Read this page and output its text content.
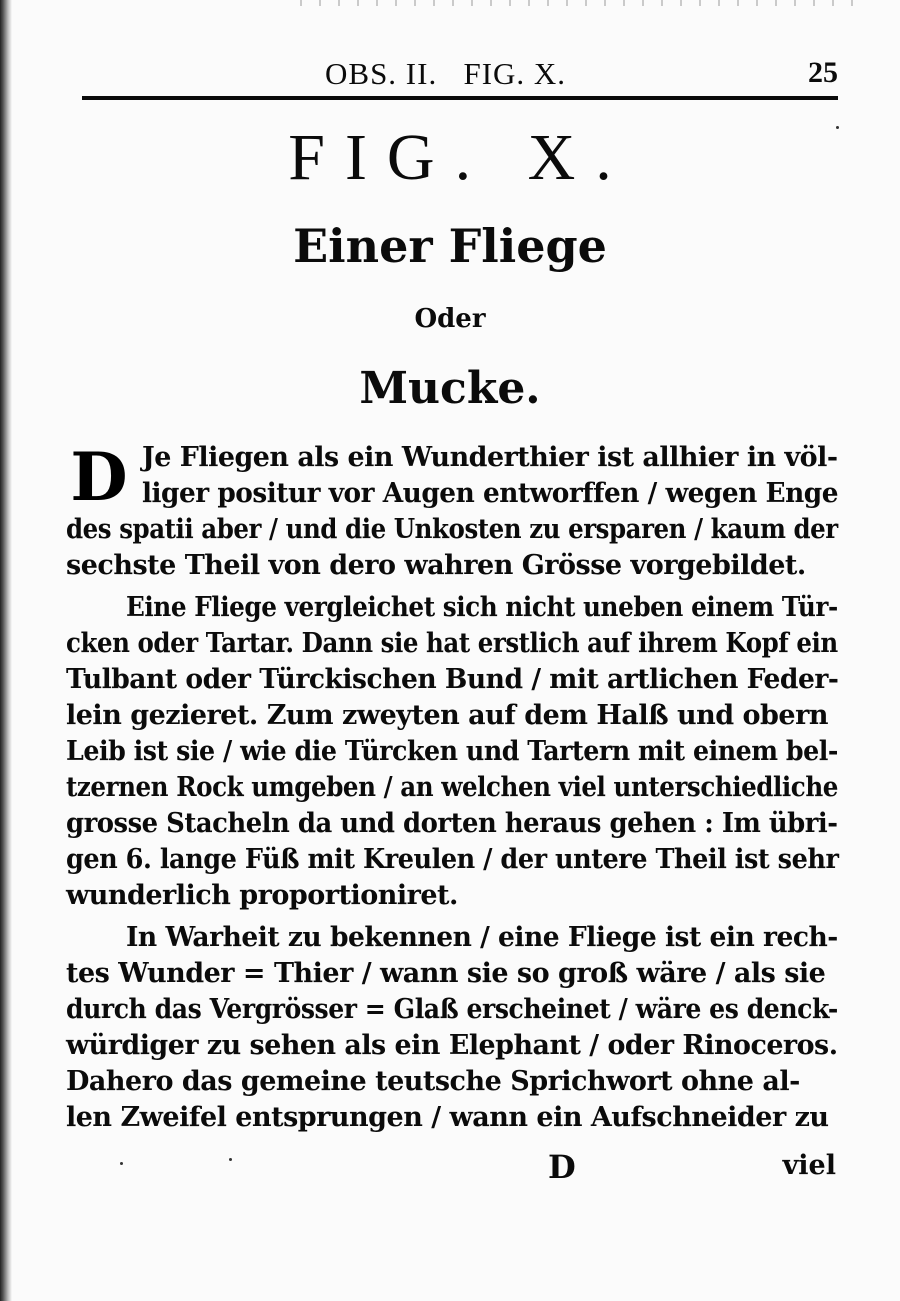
OBS. II.   FIG. X.	25
FIG. X.
Einer Fliege
Oder
Mucke.
D Je Fliegen als ein Wunderthier ist allhier in völ-
liger positur vor Augen entworffen / wegen Enge
des spatii aber / und die Unkosten zu ersparen / kaum der
sechste Theil von dero wahren Grösse vorgebildet.
Eine Fliege vergleichet sich nicht uneben einem Tür-
cken oder Tartar. Dann sie hat erstlich auf ihrem Kopf ein
Tulbant oder Türckischen Bund / mit artlichen Feder-
lein gezieret. Zum zweyten auf dem Halß und obern
Leib ist sie / wie die Türcken und Tartern mit einem bel-
tzernen Rock umgeben / an welchen viel unterschiedliche
grosse Stacheln da und dorten heraus gehen : Im übri-
gen 6. lange Füß mit Kreulen / der untere Theil ist sehr
wunderlich proportioniret.
In Warheit zu bekennen / eine Fliege ist ein rech-
tes Wunder = Thier / wann sie so groß wäre / als sie
durch das Vergrösser = Glaß erscheinet / wäre es denck-
würdiger zu sehen als ein Elephant / oder Rinoceros.
Dahero das gemeine teutsche Sprichwort ohne al-
len Zweifel entsprungen / wann ein Aufschneider zu
D	viel
